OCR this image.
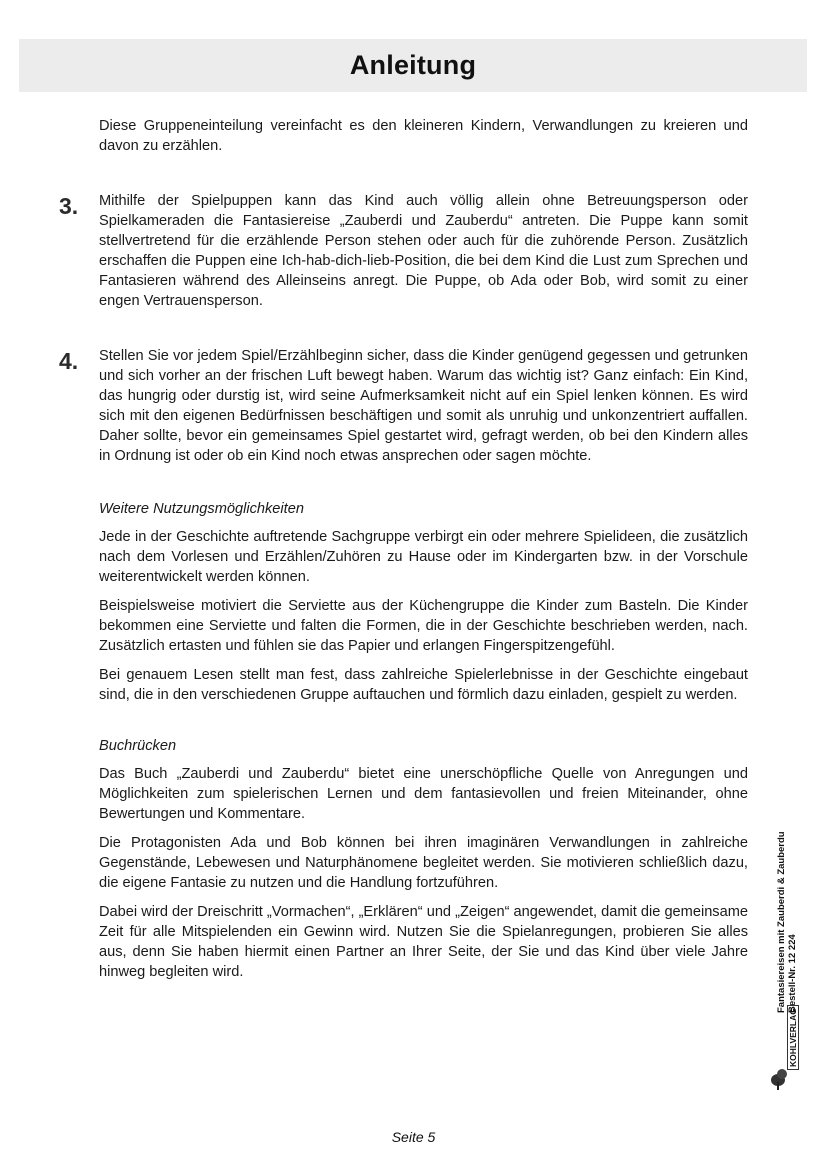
Anleitung

Diese Gruppeneinteilung vereinfacht es den kleineren Kindern, Verwandlungen zu kreieren und davon zu erzählen.

3. Mithilfe der Spielpuppen kann das Kind auch völlig allein ohne Betreuungsperson oder Spielkameraden die Fantasiereise „Zauberdi und Zauberdu“ antreten. Die Puppe kann somit stellvertretend für die erzählende Person stehen oder auch für die zuhörende Person. Zusätzlich erschaffen die Puppen eine Ich-hab-dich-lieb-Position, die bei dem Kind die Lust zum Sprechen und Fantasieren während des Alleinseins anregt. Die Puppe, ob Ada oder Bob, wird somit zu einer engen Vertrauensperson.

4. Stellen Sie vor jedem Spiel/Erzählbeginn sicher, dass die Kinder genügend gegessen und getrunken und sich vorher an der frischen Luft bewegt haben. Warum das wichtig ist? Ganz einfach: Ein Kind, das hungrig oder durstig ist, wird seine Aufmerksamkeit nicht auf ein Spiel lenken können. Es wird sich mit den eigenen Bedürfnissen beschäftigen und somit als unruhig und unkonzentriert auffallen. Daher sollte, bevor ein gemeinsames Spiel gestartet wird, gefragt werden, ob bei den Kindern alles in Ordnung ist oder ob ein Kind noch etwas ansprechen oder sagen möchte.

Weitere Nutzungsmöglichkeiten

Jede in der Geschichte auftretende Sachgruppe verbirgt ein oder mehrere Spielideen, die zusätzlich nach dem Vorlesen und Erzählen/Zuhören zu Hause oder im Kindergarten bzw. in der Vorschule weiterentwickelt werden können.

Beispielsweise motiviert die Serviette aus der Küchengruppe die Kinder zum Basteln. Die Kinder bekommen eine Serviette und falten die Formen, die in der Geschichte beschrieben werden, nach. Zusätzlich ertasten und fühlen sie das Papier und erlangen Fingerspitzengefühl.

Bei genauem Lesen stellt man fest, dass zahlreiche Spielerlebnisse in der Geschichte eingebaut sind, die in den verschiedenen Gruppe auftauchen und förmlich dazu einladen, gespielt zu werden.

Buchrücken

Das Buch „Zauberdi und Zauberdu“ bietet eine unerschöpfliche Quelle von Anregungen und Möglichkeiten zum spielerischen Lernen und dem fantasievollen und freien Miteinander, ohne Bewertungen und Kommentare.

Die Protagonisten Ada und Bob können bei ihren imaginären Verwandlungen in zahlreiche Gegenstände, Lebewesen und Naturphänomene begleitet werden. Sie motivieren schließlich dazu, die eigene Fantasie zu nutzen und die Handlung fortzuführen.

Dabei wird der Dreischritt „Vormachen“, „Erklären“ und „Zeigen“ angewendet, damit die gemeinsame Zeit für alle Mitspielenden ein Gewinn wird. Nutzen Sie die Spielanregungen, probieren Sie alles aus, denn Sie haben hiermit einen Partner an Ihrer Seite, der Sie und das Kind über viele Jahre hinweg begleiten wird.	Fantasiereisen mit Zauberdi & Zauberdu Bestell-Nr. 12 224
KOHLVERLAG
Seite 5
